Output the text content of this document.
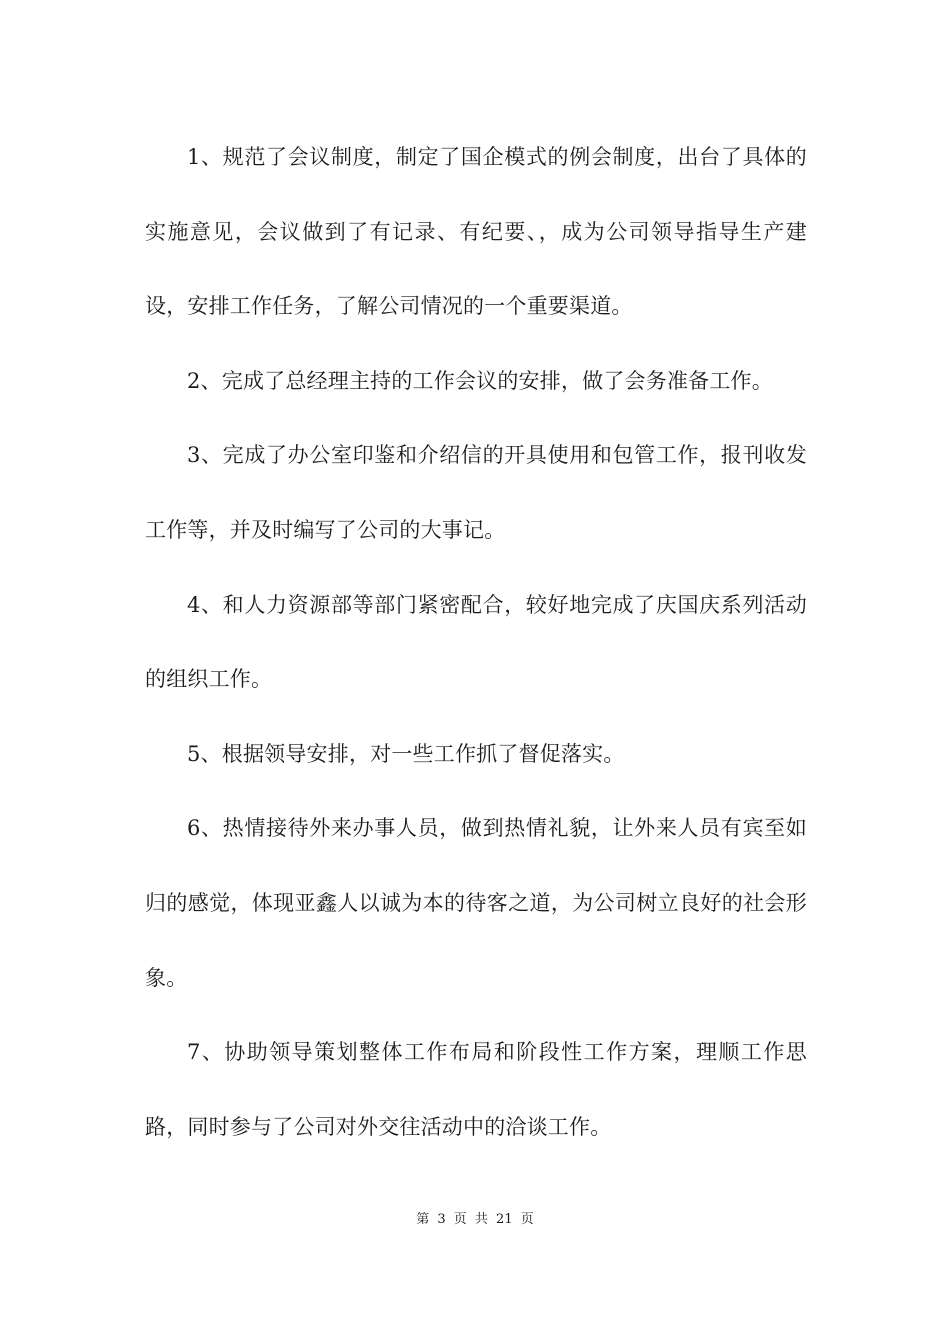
1、规范了会议制度，制定了国企模式的例会制度，出台了具体的实施意见，会议做到了有记录、有纪要、，成为公司领导指导生产建设，安排工作任务，了解公司情况的一个重要渠道。

2、完成了总经理主持的工作会议的安排，做了会务准备工作。

3、完成了办公室印鉴和介绍信的开具使用和包管工作，报刊收发工作等，并及时编写了公司的大事记。

4、和人力资源部等部门紧密配合，较好地完成了庆国庆系列活动的组织工作。

5、根据领导安排，对一些工作抓了督促落实。

6、热情接待外来办事人员，做到热情礼貌，让外来人员有宾至如归的感觉，体现亚鑫人以诚为本的待客之道，为公司树立良好的社会形象。

7、协助领导策划整体工作布局和阶段性工作方案，理顺工作思路，同时参与了公司对外交往活动中的洽谈工作。

第 3 页 共 21 页
